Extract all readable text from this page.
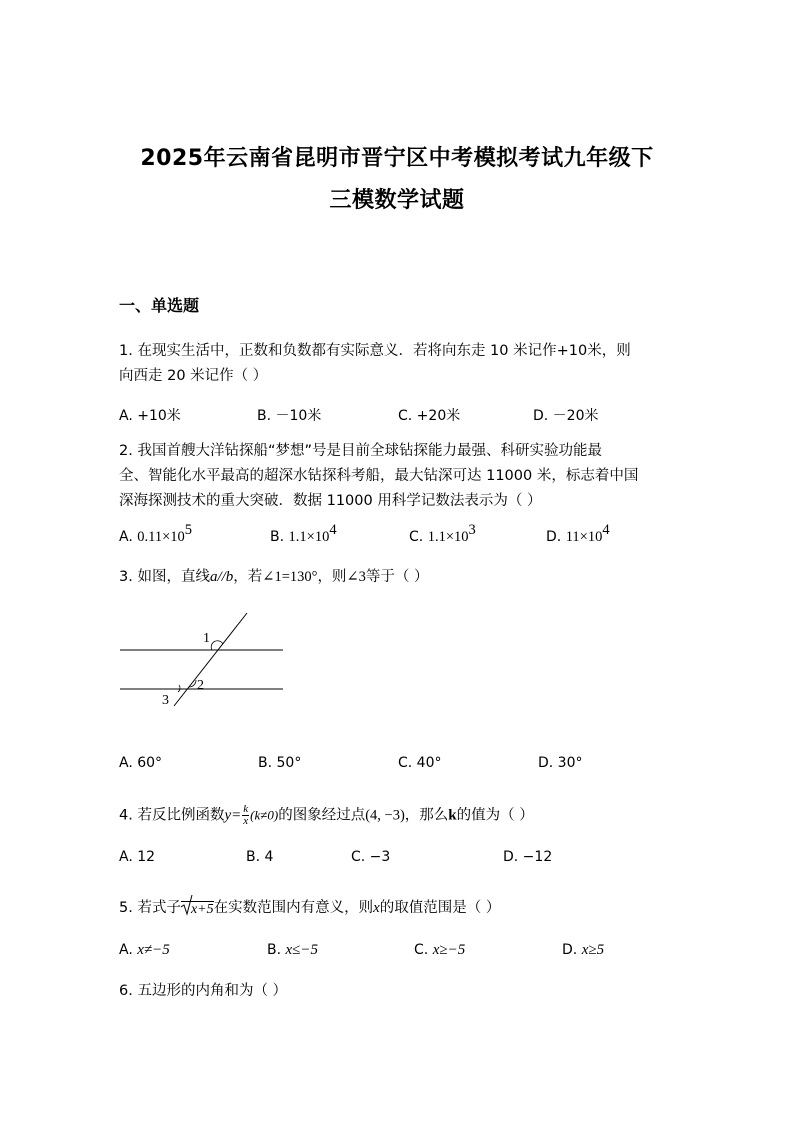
2025年云南省昆明市晋宁区中考模拟考试九年级下
三模数学试题
一、单选题
1. 在现实生活中，正数和负数都有实际意义．若将向东走 10 米记作+10米，则
向西走 20 米记作（ ）
A. +10米	B. －10米	C. +20米	D. －20米
2. 我国首艘大洋钻探船“梦想”号是目前全球钻探能力最强、科研实验功能最
全、智能化水平最高的超深水钻探科考船，最大钻深可达 11000 米，标志着中国
深海探测技术的重大突破．数据 11000 用科学记数法表示为（ ）
A. $0.11\times 10^5$	B. $1.1\times 10^4$	C. $1.1\times 10^3$	D. $11\times 10^4$
3. 如图，直线a//b，若∠1=130°，则∠3等于（ ）
1
2
3
A. 60°	B. 50°	C. 40°	D. 30°
4. 若反比例函数$y= \frac{k}{x} (k\ne 0)$的图象经过点(4, −3)，那么k的值为（ ）
A. 12	B. 4	C. −3	D. −12
5. 若式子 x+5在实数范围内有意义，则x的取值范围是（ ）
A. x≠−5	B. x≤−5	C. x≥−5	D. x≥5
6. 五边形的内角和为（ ）
